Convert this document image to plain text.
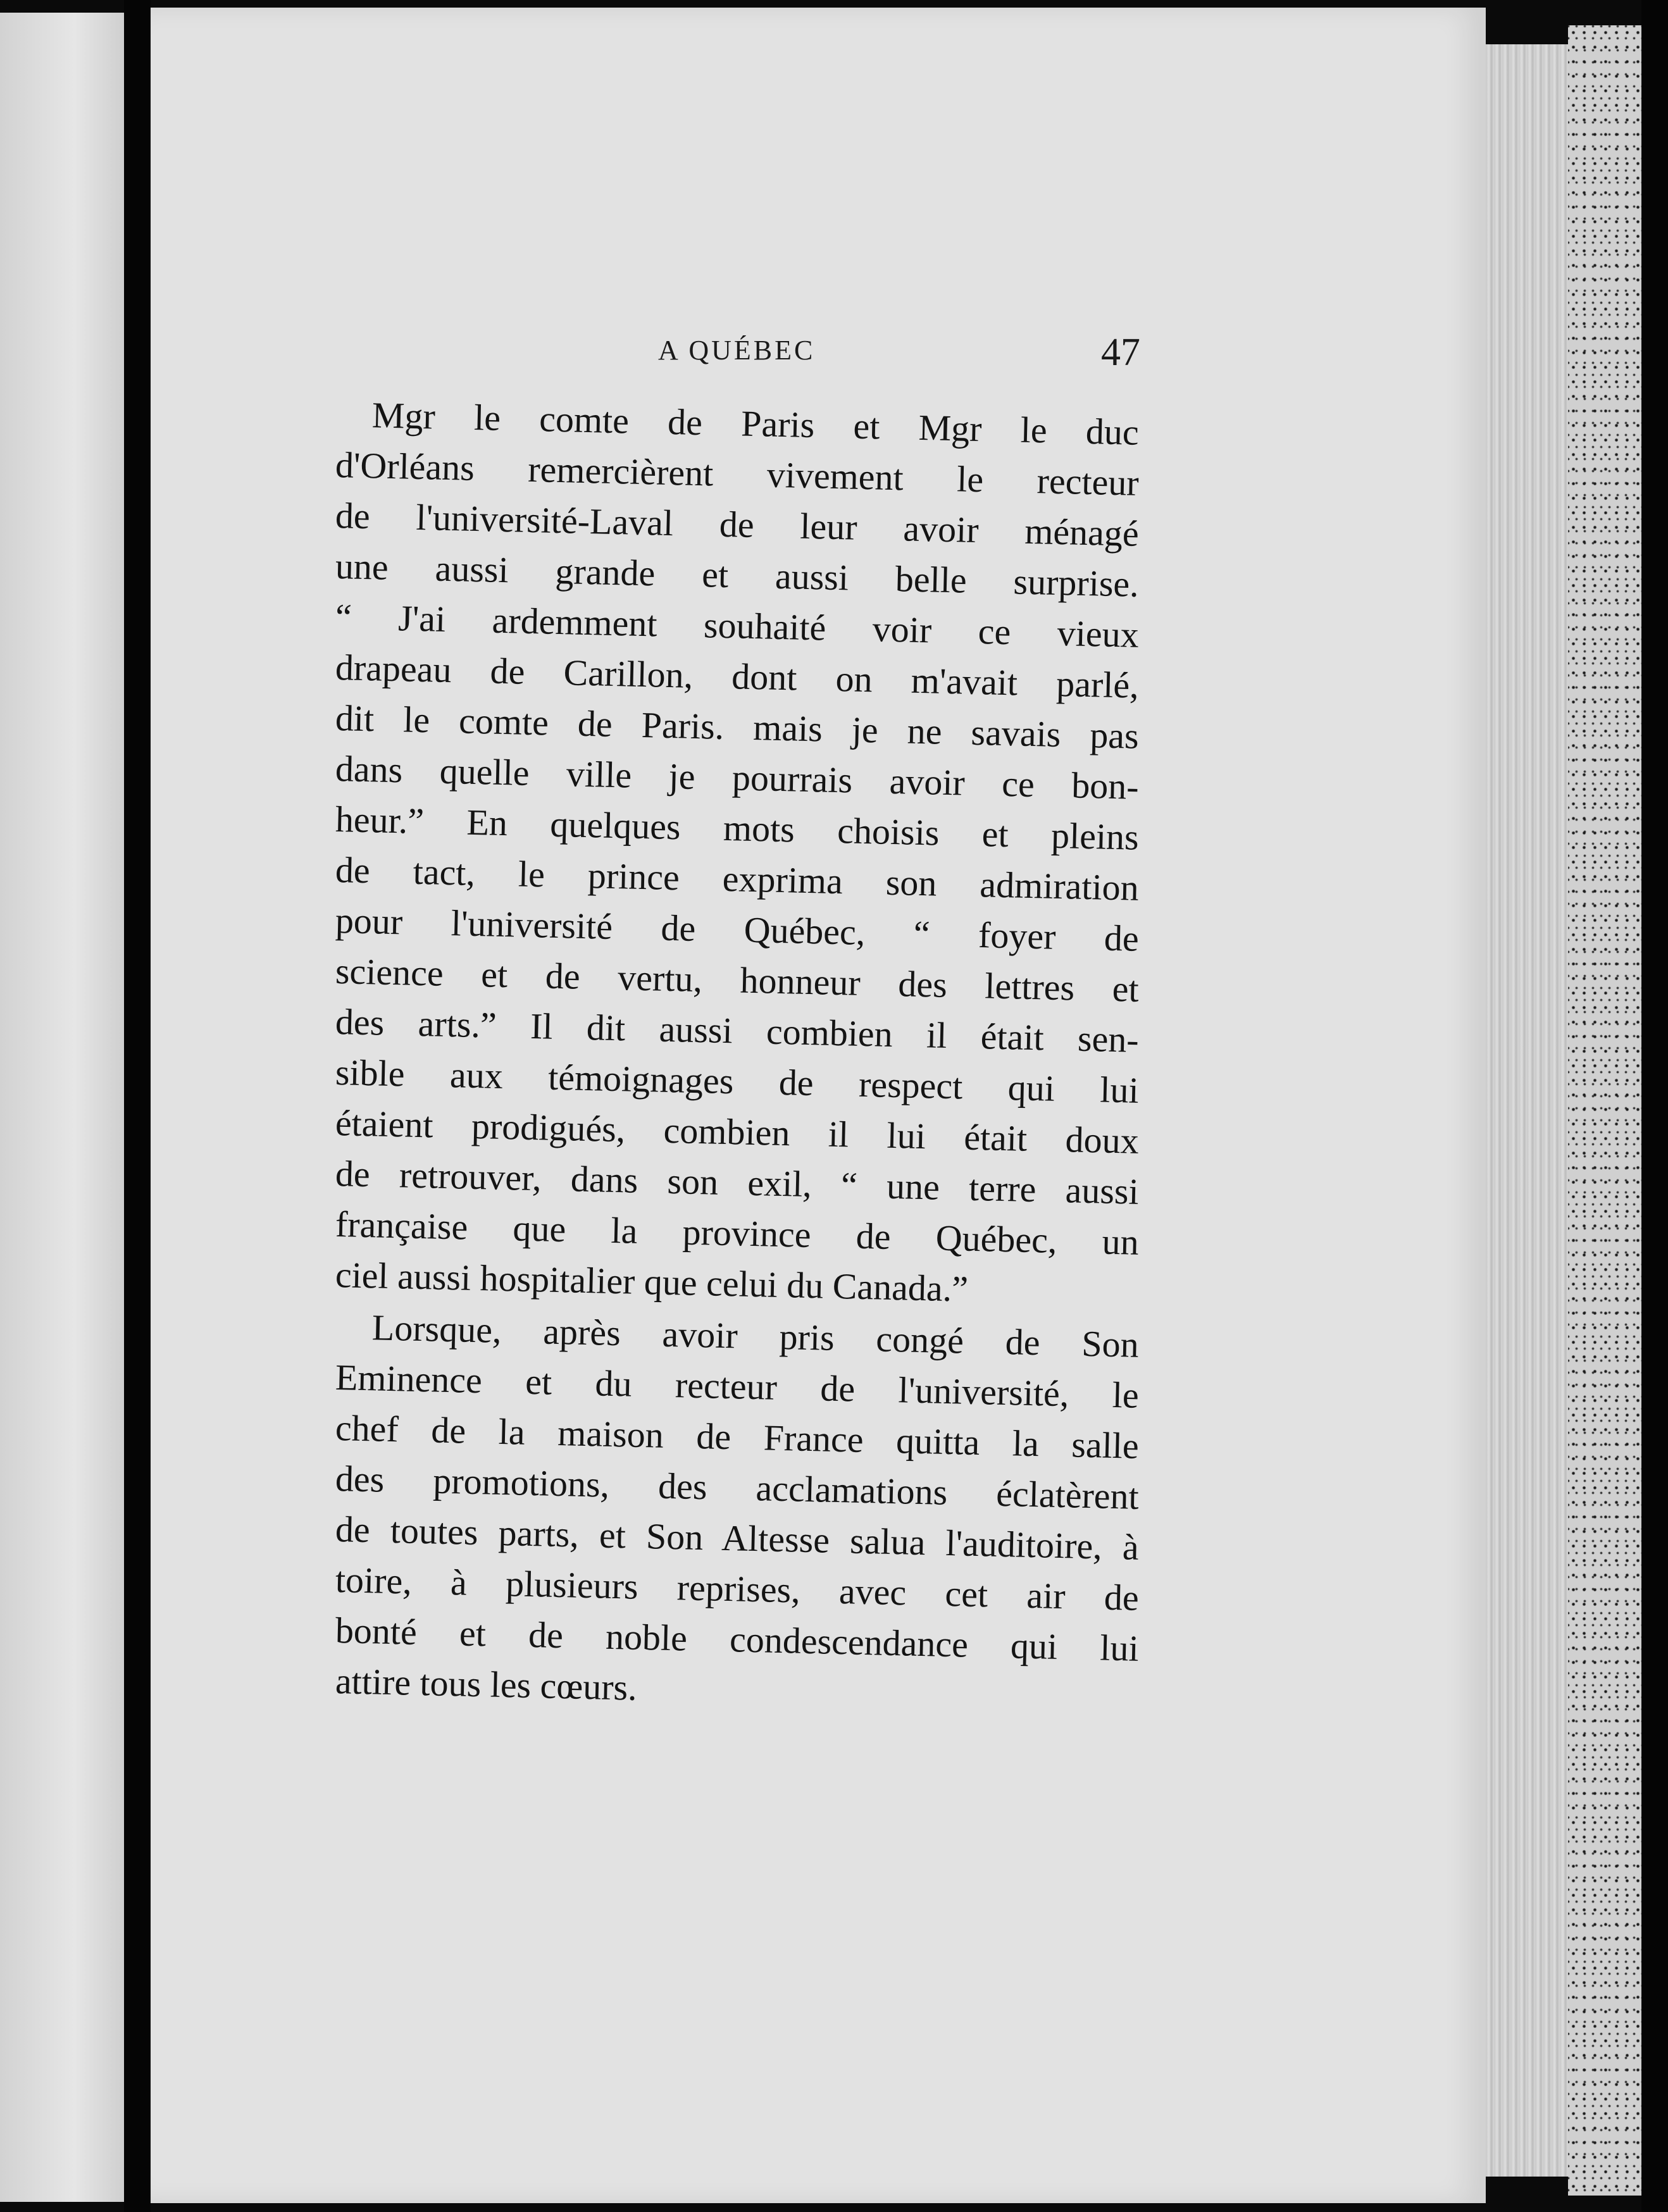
A QUÉBEC	47
Mgr le comte de Paris et Mgr le duc
d'Orléans remercièrent vivement le recteur
de l'université-Laval de leur avoir ménagé
une aussi grande et aussi belle surprise.
“ J'ai ardemment souhaité voir ce vieux
drapeau de Carillon, dont on m'avait parlé,
dit le comte de Paris. mais je ne savais pas
dans quelle ville je pourrais avoir ce bon-
heur.” En quelques mots choisis et pleins
de tact, le prince exprima son admiration
pour l'université de Québec, “ foyer de
science et de vertu, honneur des lettres et
des arts.” Il dit aussi combien il était sen-
sible aux témoignages de respect qui lui
étaient prodigués, combien il lui était doux
de retrouver, dans son exil, “ une terre aussi
française que la province de Québec, un
ciel aussi hospitalier que celui du Canada.”
Lorsque, après avoir pris congé de Son
Eminence et du recteur de l'université, le
chef de la maison de France quitta la salle
des promotions, des acclamations éclatèrent
de toutes parts, et Son Altesse salua l'auditoire, à
toire, à plusieurs reprises, avec cet air de
bonté et de noble condescendance qui lui
attire tous les cœurs.
